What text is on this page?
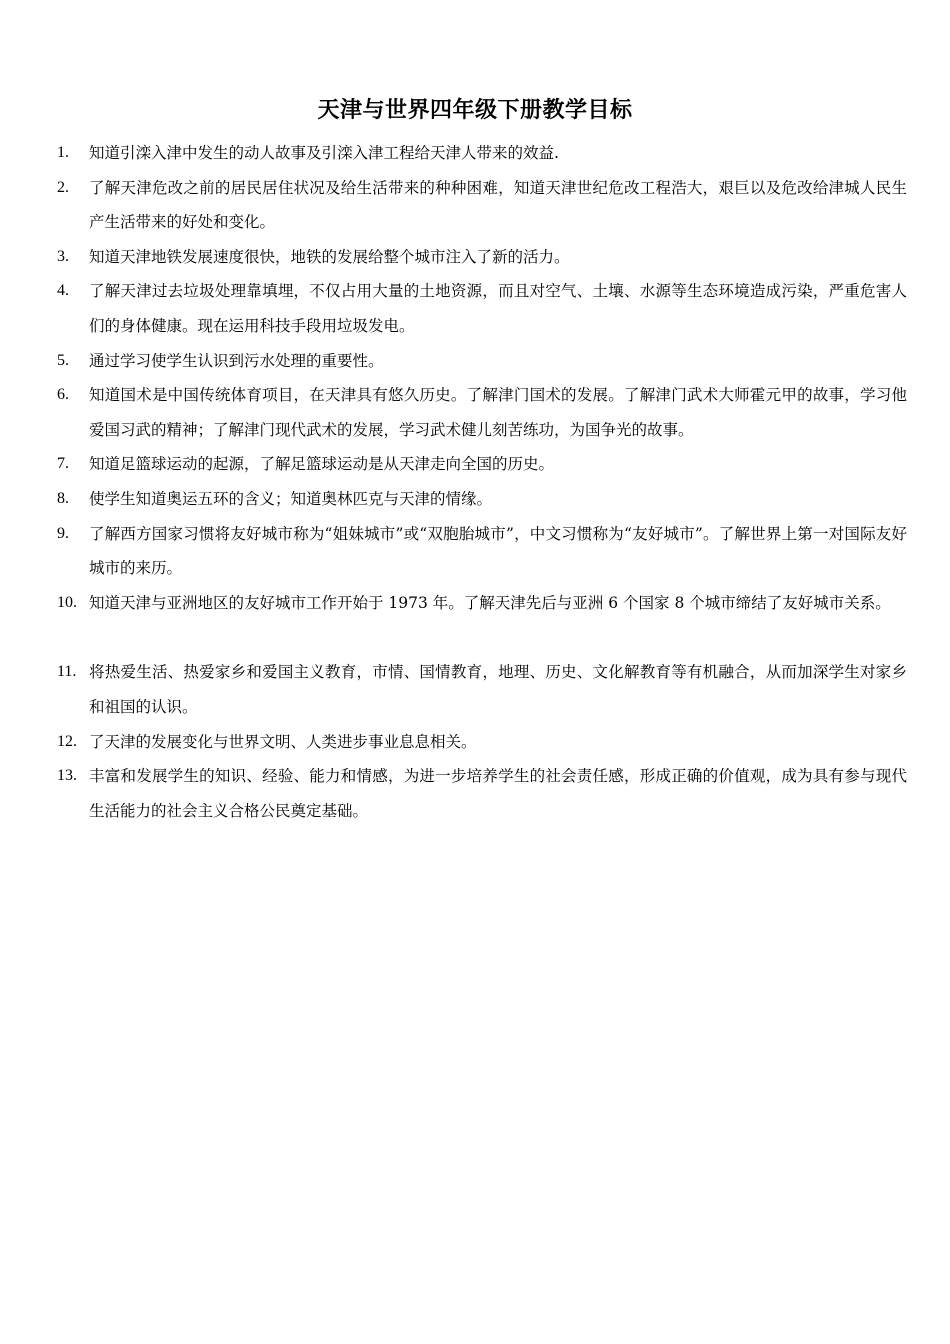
天津与世界四年级下册教学目标
1. 知道引滦入津中发生的动人故事及引滦入津工程给天津人带来的效益.
2. 了解天津危改之前的居民居住状况及给生活带来的种种困难，知道天津世纪危改工程浩大，艰巨以及危改给津城人民生产生活带来的好处和变化。
3. 知道天津地铁发展速度很快，地铁的发展给整个城市注入了新的活力。
4. 了解天津过去垃圾处理靠填埋，不仅占用大量的土地资源，而且对空气、土壤、水源等生态环境造成污染，严重危害人们的身体健康。现在运用科技手段用垃圾发电。
5. 通过学习使学生认识到污水处理的重要性。
6. 知道国术是中国传统体育项目，在天津具有悠久历史。了解津门国术的发展。了解津门武术大师霍元甲的故事，学习他爱国习武的精神；了解津门现代武术的发展，学习武术健儿刻苦练功，为国争光的故事。
7. 知道足篮球运动的起源，了解足篮球运动是从天津走向全国的历史。
8. 使学生知道奥运五环的含义；知道奥林匹克与天津的情缘。
9. 了解西方国家习惯将友好城市称为“姐妹城市”或“双胞胎城市”，中文习惯称为“友好城市”。了解世界上第一对国际友好城市的来历。
10. 知道天津与亚洲地区的友好城市工作开始于 1973 年。了解天津先后与亚洲 6 个国家 8 个城市缔结了友好城市关系。
11. 将热爱生活、热爱家乡和爱国主义教育，市情、国情教育，地理、历史、文化解教育等有机融合，从而加深学生对家乡和祖国的认识。
12. 了天津的发展变化与世界文明、人类进步事业息息相关。
13. 丰富和发展学生的知识、经验、能力和情感，为进一步培养学生的社会责任感，形成正确的价值观，成为具有参与现代生活能力的社会主义合格公民奠定基础。
